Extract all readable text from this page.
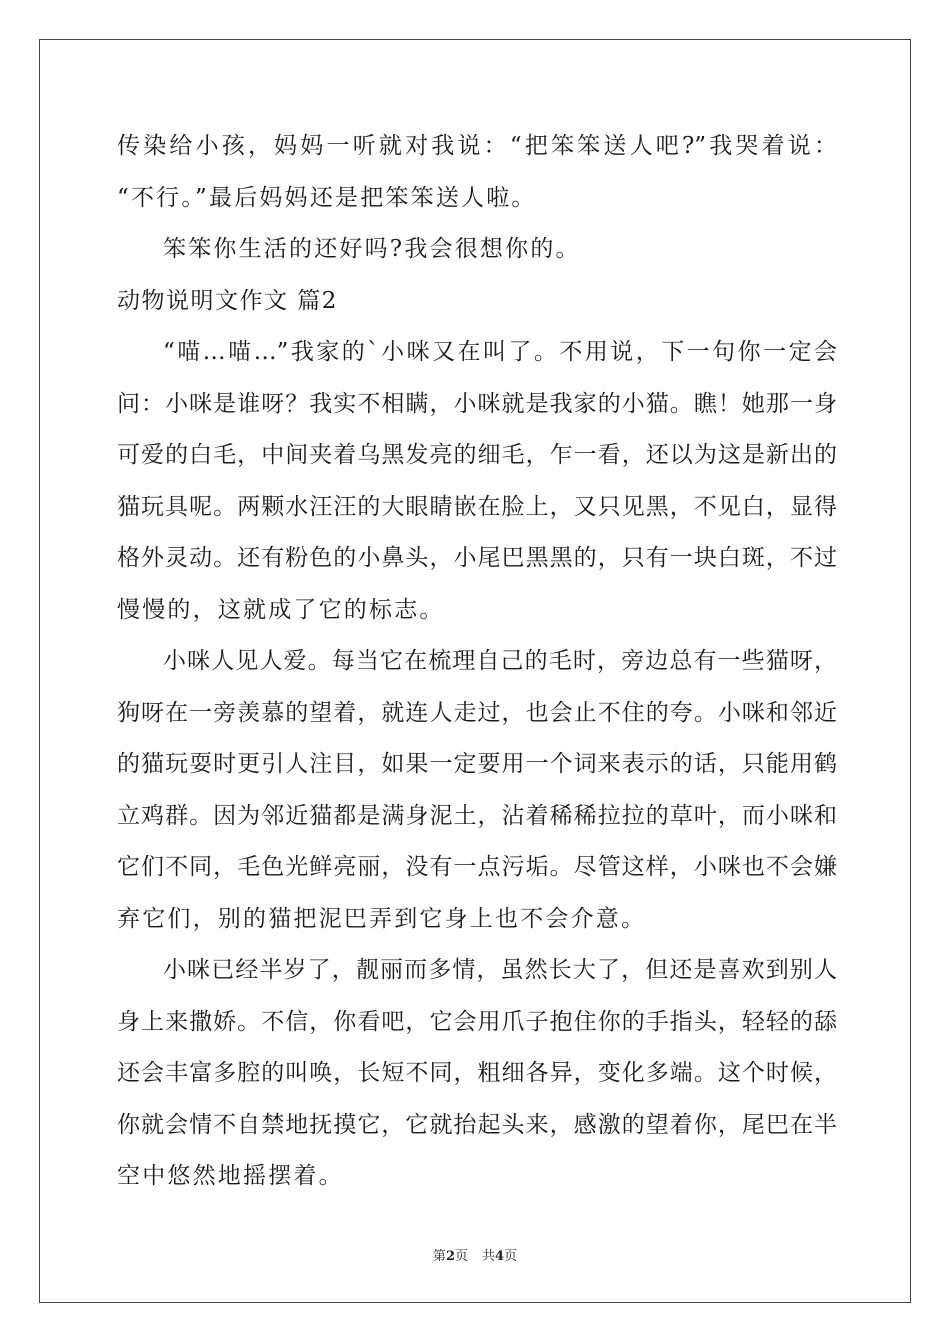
传染给小孩，妈妈一听就对我说：“把笨笨送人吧?”我哭着说：
“不行。”最后妈妈还是把笨笨送人啦。
笨笨你生活的还好吗?我会很想你的。
动物说明文作文 篇2
“喵…喵…”我家的`小咪又在叫了。不用说，下一句你一定会
问：小咪是谁呀？我实不相瞒，小咪就是我家的小猫。瞧！她那一身
可爱的白毛，中间夹着乌黑发亮的细毛，乍一看，还以为这是新出的
猫玩具呢。两颗水汪汪的大眼睛嵌在脸上，又只见黑，不见白，显得
格外灵动。还有粉色的小鼻头，小尾巴黑黑的，只有一块白斑，不过
慢慢的，这就成了它的标志。
小咪人见人爱。每当它在梳理自己的毛时，旁边总有一些猫呀，
狗呀在一旁羡慕的望着，就连人走过，也会止不住的夸。小咪和邻近
的猫玩耍时更引人注目，如果一定要用一个词来表示的话，只能用鹤
立鸡群。因为邻近猫都是满身泥土，沾着稀稀拉拉的草叶，而小咪和
它们不同，毛色光鲜亮丽，没有一点污垢。尽管这样，小咪也不会嫌
弃它们，别的猫把泥巴弄到它身上也不会介意。
小咪已经半岁了，靓丽而多情，虽然长大了，但还是喜欢到别人
身上来撒娇。不信，你看吧，它会用爪子抱住你的手指头，轻轻的舔
还会丰富多腔的叫唤，长短不同，粗细各异，变化多端。这个时候，
你就会情不自禁地抚摸它，它就抬起头来，感激的望着你，尾巴在半
空中悠然地摇摆着。
第2页 共4页
